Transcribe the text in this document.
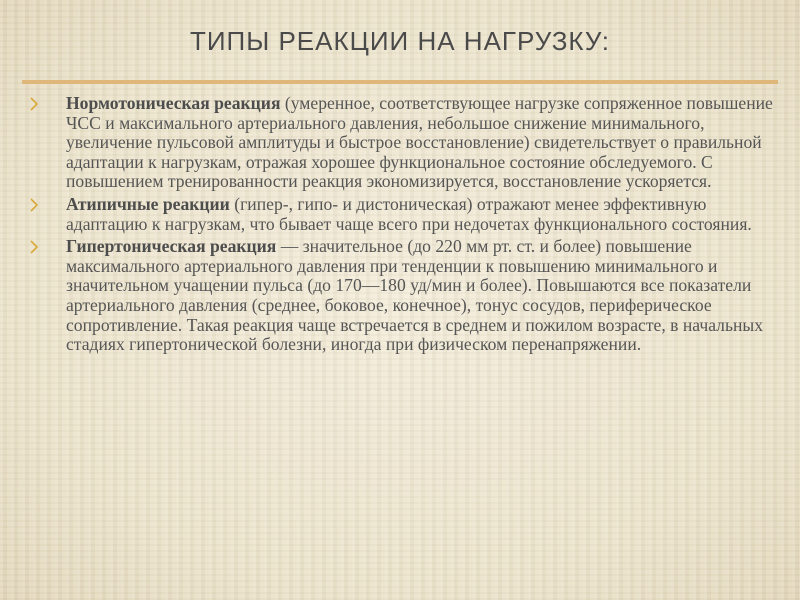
ТИПЫ РЕАКЦИИ НА НАГРУЗКУ:

Нормотоническая реакция (умеренное, соответствующее нагрузке сопряженное повышение ЧСС и максимального артериального давления, небольшое снижение минимального, увеличение пульсовой амплитуды и быстрое восстановление) свидетельствует о правильной адаптации к нагрузкам, отражая хорошее функциональное состояние обследуемого. С повышением тренированности реакция экономизируется, восстановление ускоряется.

Атипичные реакции (гипер-, гипо- и дистоническая) отражают менее эффективную адаптацию к нагрузкам, что бывает чаще всего при недочетах функционального состояния.

Гипертоническая реакция — значительное (до 220 мм рт. ст. и более) повышение максимального артериального давления при тенденции к повышению минимального и значительном учащении пульса (до 170—180 уд/мин и более). Повышаются все показатели артериального давления (среднее, боковое, конечное), тонус сосудов, периферическое сопротивление. Такая реакция чаще встречается в среднем и пожилом возрасте, в начальных стадиях гипертонической болезни, иногда при физическом перенапряжении.
